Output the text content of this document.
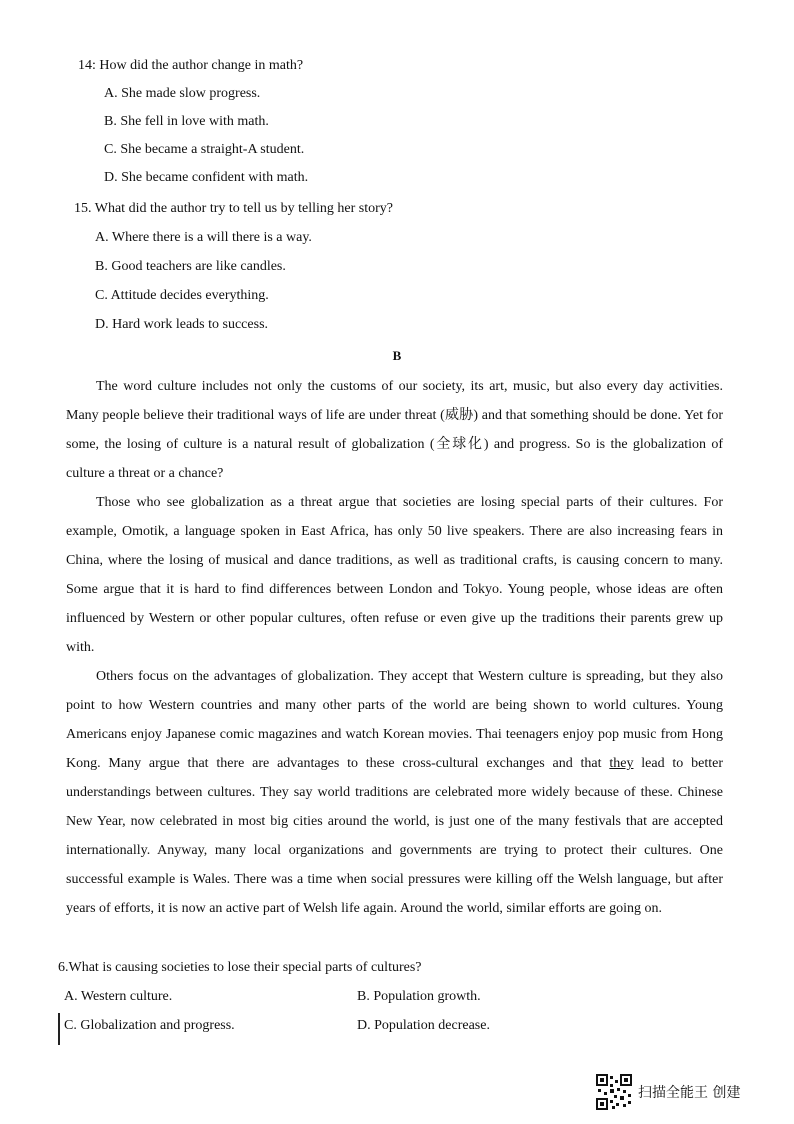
14: How did the author change in math?
A. She made slow progress.
B. She fell in love with math.
C. She became a straight-A student.
D. She became confident with math.
15. What did the author try to tell us by telling her story?
A. Where there is a will there is a way.
B. Good teachers are like candles.
C. Attitude decides everything.
D. Hard work leads to success.
B

The word culture includes not only the customs of our society, its art, music, but also every day activities. Many people believe their traditional ways of life are under threat (威胁) and that something should be done. Yet for some, the losing of culture is a natural result of globalization (全球化) and progress. So is the globalization of culture a threat or a chance?

Those who see globalization as a threat argue that societies are losing special parts of their cultures. For example, Omotik, a language spoken in East Africa, has only 50 live speakers. There are also increasing fears in China, where the losing of musical and dance traditions, as well as traditional crafts, is causing concern to many. Some argue that it is hard to find differences between London and Tokyo. Young people, whose ideas are often influenced by Western or other popular cultures, often refuse or even give up the traditions their parents grew up with.

Others focus on the advantages of globalization. They accept that Western culture is spreading, but they also point to how Western countries and many other parts of the world are being shown to world cultures. Young Americans enjoy Japanese comic magazines and watch Korean movies. Thai teenagers enjoy pop music from Hong Kong. Many argue that there are advantages to these cross-cultural exchanges and that they lead to better understandings between cultures. They say world traditions are celebrated more widely because of these. Chinese New Year, now celebrated in most big cities around the world, is just one of the many festivals that are accepted internationally. Anyway, many local organizations and governments are trying to protect their cultures. One successful example is Wales. There was a time when social pressures were killing off the Welsh language, but after years of efforts, it is now an active part of Welsh life again. Around the world, similar efforts are going on.

6.What is causing societies to lose their special parts of cultures?
A. Western culture.	B. Population growth.
C. Globalization and progress.	D. Population decrease.
扫描全能王 创建
